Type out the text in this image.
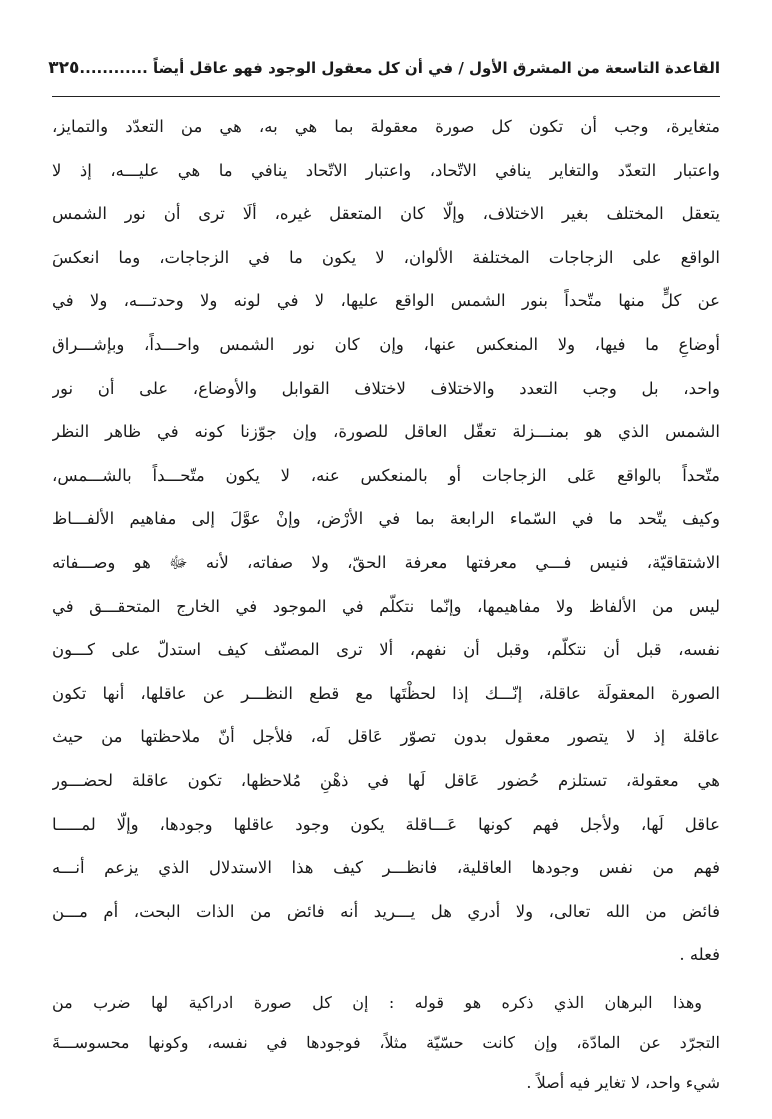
القاعدة التاسعة من المشرق الأول / في أن كل معقول الوجود فهو عاقل أيضاً ............
٣٢٥
متغايرة، وجب أن تكون كل صورة معقولة بما هي به، هي من التعدّد والتمايز،
واعتبار التعدّد والتغاير ينافي الاتّحاد، واعتبار الاتّحاد ينافي ما هي عليـــه، إذ لا
يتعقل المختلف بغير الاختلاف، وإلّا كان المتعقل غيره، ألَا ترى أن نور الشمس
الواقع على الزجاجات المختلفة الألوان، لا يكون ما في الزجاجات، وما انعكسَ
عن كلٍّ منها متّحداً بنور الشمس الواقع عليها، لا في لونه ولا وحدتـــه، ولا في
أوضاعِ ما فيها، ولا المنعكس عنها، وإن كان نور الشمس واحـــداً، وبإشـــراق
واحد، بل وجب التعدد والاختلاف لاختلاف القوابل والأوضاع، على أن نور
الشمس الذي هو بمنـــزلة تعقّل العاقل للصورة، وإن جوّزنا كونه في ظاهر النظر
متّحداً بالواقع عَلى الزجاجات أو بالمنعكس عنه، لا يكون متّحـــداً بالشـــمس،
وكيف يتّحد ما في السّماء الرابعة بما في الأرْض، وإنْ عوَّلَ إلى مفاهيم الألفـــاظ
الاشتقاقيّة، فنيس فـــي معرفتها معرفة الحقّ، ولا صفاته، لأنه ﷻ هو وصـــفاته
ليس من الألفاظ ولا مفاهيمها، وإنّما نتكلّم في الموجود في الخارج المتحقـــق في
نفسه، قبل أن نتكلّم، وقبل أن نفهم، ألا ترى المصنّف كيف استدلّ على كـــون
الصورة المعقولَة عاقلة، إنّـــك إذا لحظْتَها مع قطع النظـــر عن عاقلها، أنها تكون
عاقلة إذ لا يتصور معقول بدون تصوّر عَاقل لَه، فلأجل أنّ ملاحظتها من حيث
هي معقولة، تستلزم حُضور عَاقل لَها في ذهْنِ مُلاحظها، تكون عاقلة لحضـــور
عاقل لَها، ولأجل فهم كونها عَـــاقلة يكون وجود عاقلها وجودها، وإلّا لمـــــا
فهم من نفس وجودها العاقلية، فانظـــر كيف هذا الاستدلال الذي يزعم أنـــه
فائض من الله تعالى، ولا أدري هل يـــريد أنه فائض من الذات البحت، أم مـــن
فعله .
وهذا البرهان الذي ذكره هو قوله : إن كل صورة ادراكية لها ضرب من
التجرّد عن المادّة، وإن كانت حسّيّة مثلاً، فوجودها في نفسه، وكونها محسوســـةَ
شيء واحد، لا تغاير فيه أصلاً .
